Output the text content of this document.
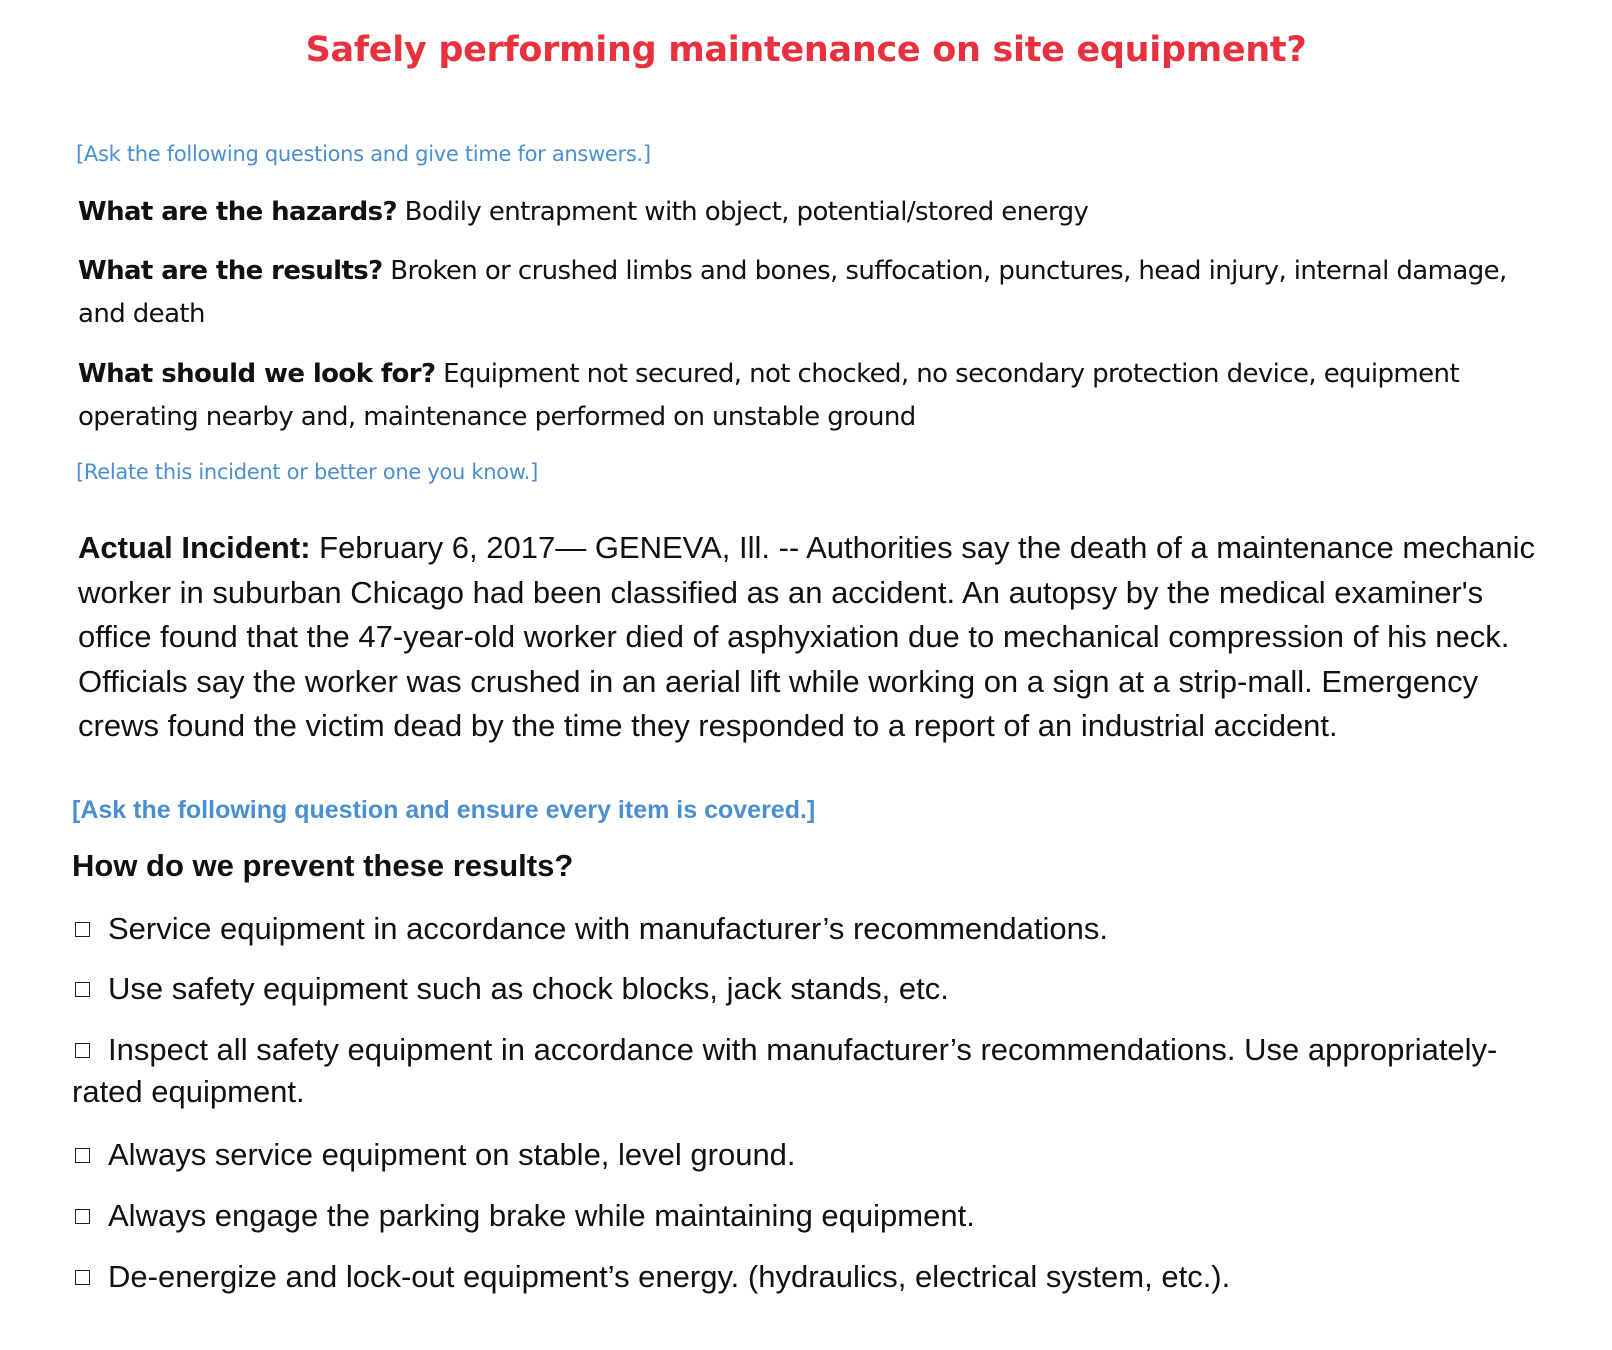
Safely performing maintenance on site equipment?
[Ask the following questions and give time for answers.]
What are the hazards? Bodily entrapment with object, potential/stored energy
What are the results? Broken or crushed limbs and bones, suffocation, punctures, head injury, internal damage, and death
What should we look for? Equipment not secured, not chocked, no secondary protection device, equipment operating nearby and, maintenance performed on unstable ground
[Relate this incident or better one you know.]
Actual Incident: February 6, 2017— GENEVA, Ill. -- Authorities say the death of a maintenance mechanic worker in suburban Chicago had been classified as an accident. An autopsy by the medical examiner's office found that the 47-year-old worker died of asphyxiation due to mechanical compression of his neck. Officials say the worker was crushed in an aerial lift while working on a sign at a strip-mall. Emergency crews found the victim dead by the time they responded to a report of an industrial accident.
[Ask the following question and ensure every item is covered.]
How do we prevent these results?
Service equipment in accordance with manufacturer’s recommendations.
Use safety equipment such as chock blocks, jack stands, etc.
Inspect all safety equipment in accordance with manufacturer’s recommendations. Use appropriately-rated equipment.
Always service equipment on stable, level ground.
Always engage the parking brake while maintaining equipment.
De-energize and lock-out equipment’s energy. (hydraulics, electrical system, etc.).
